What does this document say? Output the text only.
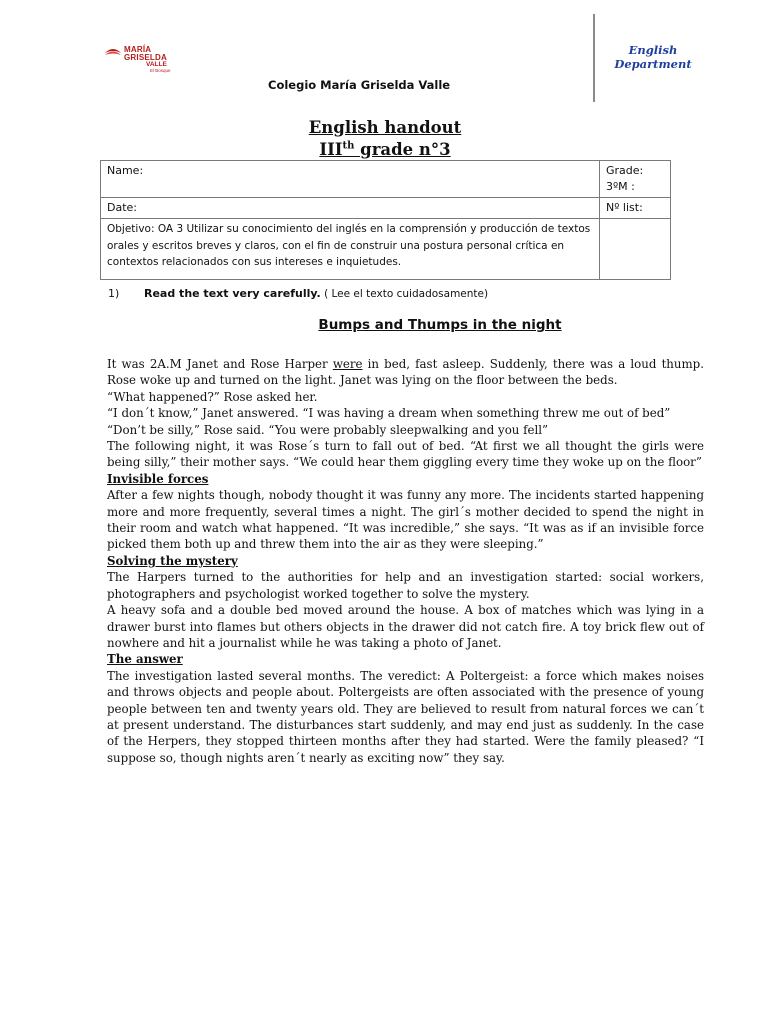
MARÍA GRISELDA
VALLE
El Bosque
Colegio María Griselda Valle
English Department
English handout
IIIth grade n°3
Name:	Grade:
3ºM :

Date:	Nº list:

Objetivo: OA 3 Utilizar su conocimiento del inglés en la comprensión y producción de textos orales y escritos breves y claros, con el fin de construir una postura personal crítica en contextos relacionados con sus intereses e inquietudes.	

1) Read the text very carefully. ( Lee el texto cuidadosamente)
Bumps and Thumps in the night

It was 2A.M Janet and Rose Harper were in bed, fast asleep. Suddenly, there was a loud thump. Rose woke up and turned on the light. Janet was lying on the floor between the beds.

“What happened?” Rose asked her.

“I don´t know,” Janet answered. “I was having a dream when something threw me out of bed”

“Don’t be silly,” Rose said. “You were probably sleepwalking and you fell”

The following night, it was Rose´s turn to fall out of bed. “At first we all thought the girls were being silly,” their mother says. “We could hear them giggling every time they woke up on the floor”

Invisible forces

After a few nights though, nobody thought it was funny any more. The incidents started happening more and more frequently, several times a night. The girl´s mother decided to spend the night in their room and watch what happened. “It was incredible,” she says. “It was as if an invisible force picked them both up and threw them into the air as they were sleeping.”

Solving the mystery

The Harpers turned to the authorities for help and an investigation started: social workers, photographers and psychologist worked together to solve the mystery.

A heavy sofa and a double bed moved around the house. A box of matches which was lying in a drawer burst into flames but others objects in the drawer did not catch fire. A toy brick flew out of nowhere and hit a journalist while he was taking a photo of Janet.

The answer

The investigation lasted several months. The veredict: A Poltergeist: a force which makes noises and throws objects and people about. Poltergeists are often associated with the presence of young people between ten and twenty years old. They are believed to result from natural forces we can´t at present understand. The disturbances start suddenly, and may end just as suddenly. In the case of the Herpers, they stopped thirteen months after they had started. Were the family pleased? “I suppose so, though nights aren´t nearly as exciting now” they say.
